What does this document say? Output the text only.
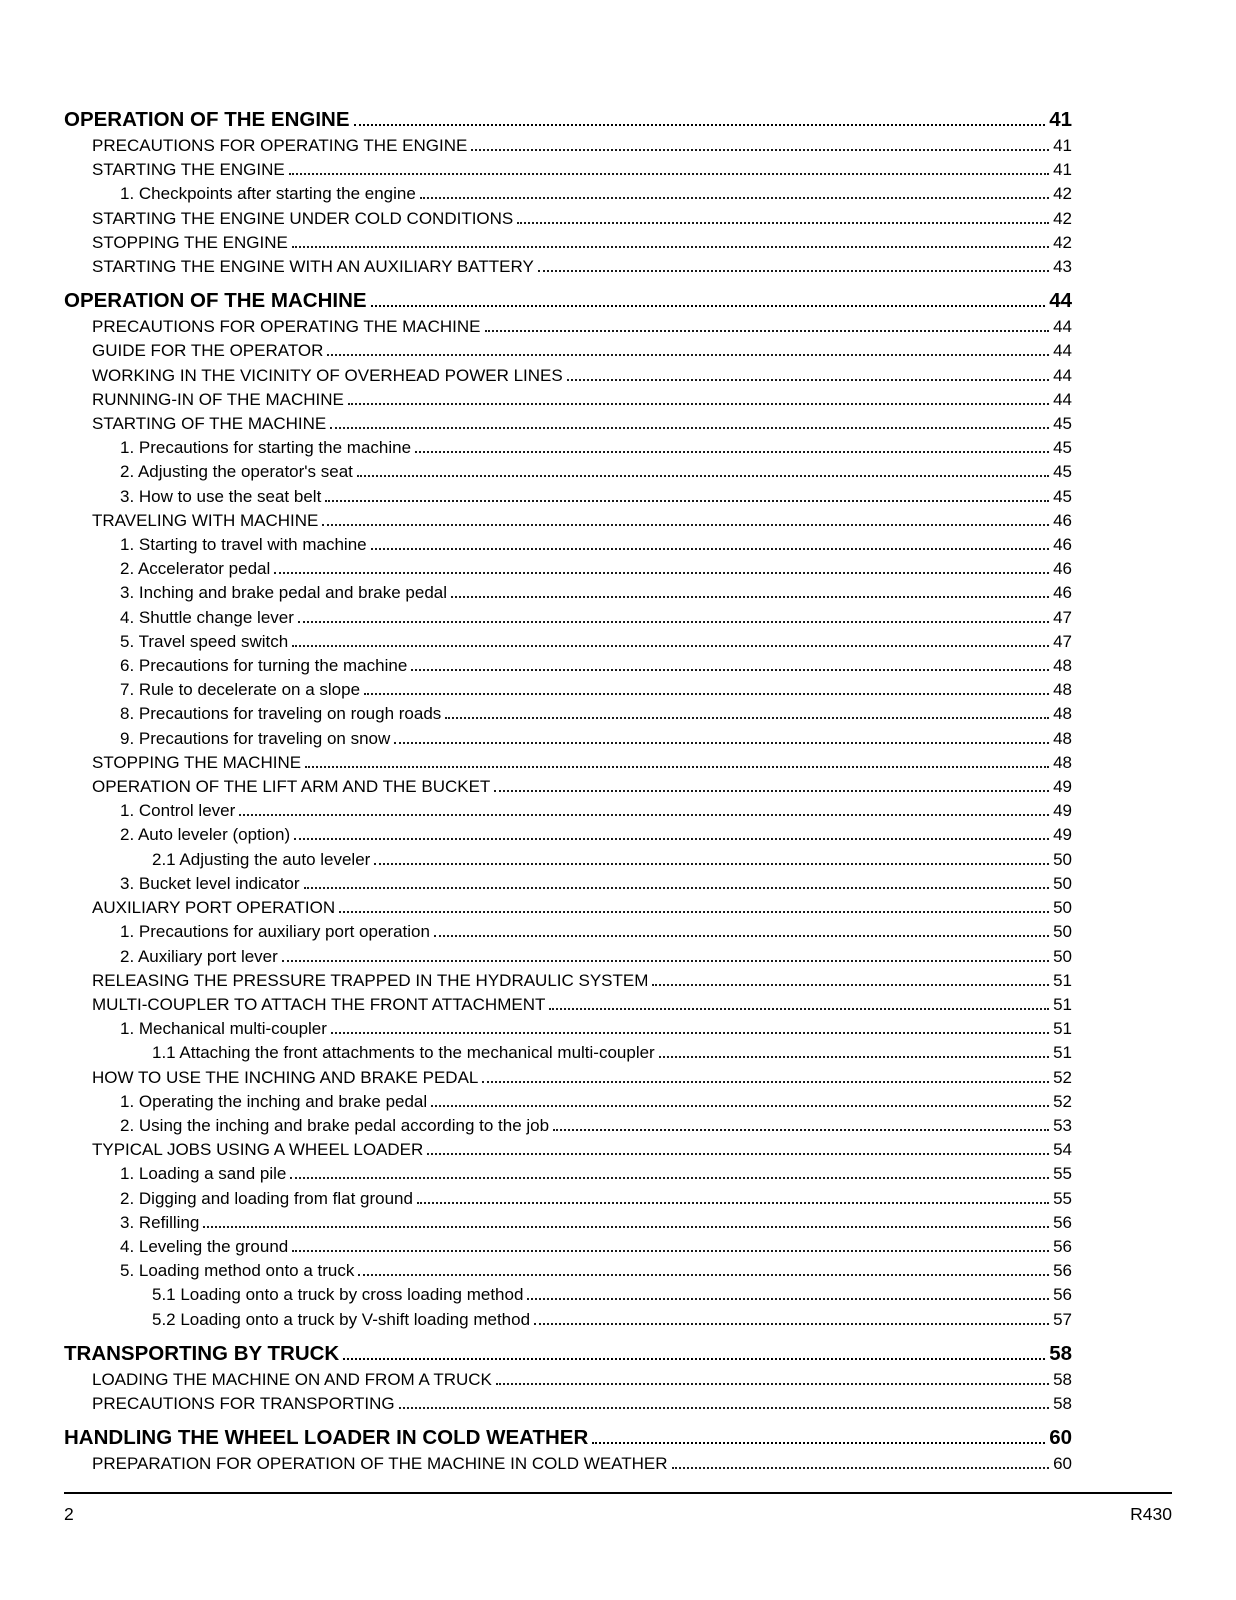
OPERATION OF THE ENGINE	41
PRECAUTIONS FOR OPERATING THE ENGINE	41
STARTING THE ENGINE	41
1. Checkpoints after starting the engine	42
STARTING THE ENGINE UNDER COLD CONDITIONS	42
STOPPING THE ENGINE	42
STARTING THE ENGINE WITH AN AUXILIARY BATTERY	43
OPERATION OF THE MACHINE	44
PRECAUTIONS FOR OPERATING THE MACHINE	44
GUIDE FOR THE OPERATOR	44
WORKING IN THE VICINITY OF OVERHEAD POWER LINES	44
RUNNING-IN OF THE MACHINE	44
STARTING OF THE MACHINE	45
1. Precautions for starting the machine	45
2. Adjusting the operator's seat	45
3. How to use the seat belt	45
TRAVELING WITH MACHINE	46
1. Starting to travel with machine	46
2. Accelerator pedal	46
3. Inching and brake pedal and brake pedal	46
4. Shuttle change lever	47
5. Travel speed switch	47
6. Precautions for turning the machine	48
7. Rule to decelerate on a slope	48
8. Precautions for traveling on rough roads	48
9. Precautions for traveling on snow	48
STOPPING THE MACHINE	48
OPERATION OF THE LIFT ARM AND THE BUCKET	49
1. Control lever	49
2. Auto leveler (option)	49
2.1 Adjusting the auto leveler	50
3. Bucket level indicator	50
AUXILIARY PORT OPERATION	50
1. Precautions for auxiliary port operation	50
2. Auxiliary port lever	50
RELEASING THE PRESSURE TRAPPED IN THE HYDRAULIC SYSTEM	51
MULTI-COUPLER TO ATTACH THE FRONT ATTACHMENT	51
1. Mechanical multi-coupler	51
1.1 Attaching the front attachments to the mechanical multi-coupler	51
HOW TO USE THE INCHING AND BRAKE PEDAL	52
1. Operating the inching and brake pedal	52
2. Using the inching and brake pedal according to the job	53
TYPICAL JOBS USING A WHEEL LOADER	54
1. Loading a sand pile	55
2. Digging and loading from flat ground	55
3. Refilling	56
4. Leveling the ground	56
5. Loading method onto a truck	56
5.1 Loading onto a truck by cross loading method	56
5.2 Loading onto a truck by V-shift loading method	57
TRANSPORTING BY TRUCK	58
LOADING THE MACHINE ON AND FROM A TRUCK	58
PRECAUTIONS FOR TRANSPORTING	58
HANDLING THE WHEEL LOADER IN COLD WEATHER	60
PREPARATION FOR OPERATION OF THE MACHINE IN COLD WEATHER	60
2	R430
